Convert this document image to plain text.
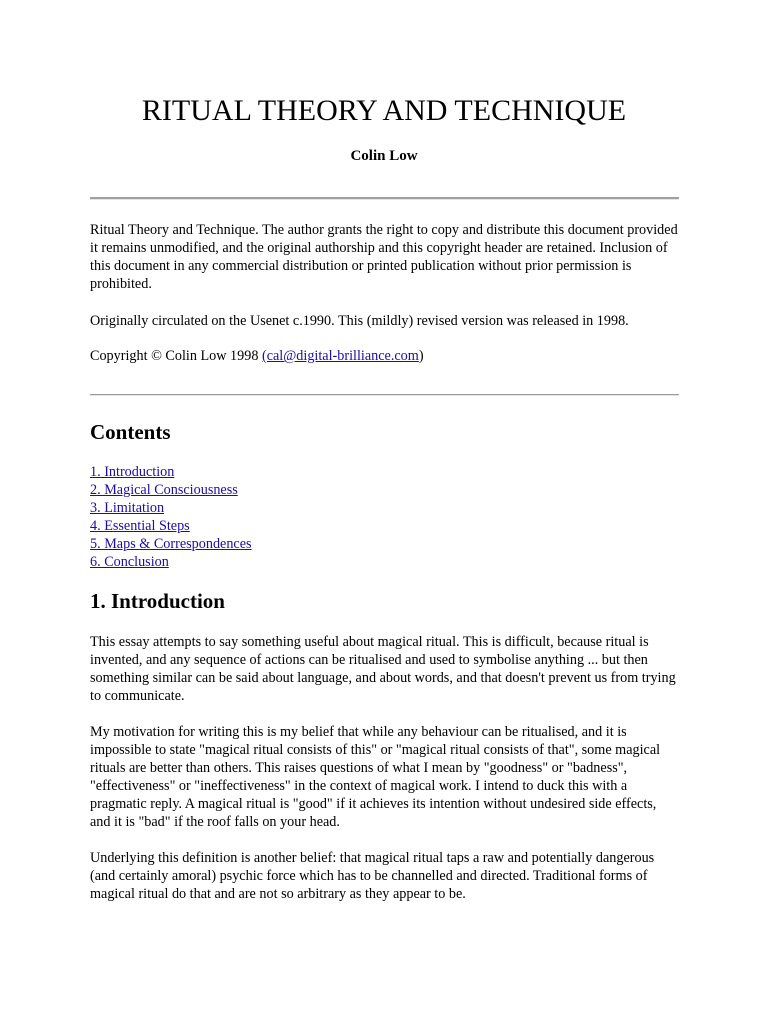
RITUAL THEORY AND TECHNIQUE
Colin Low

Ritual Theory and Technique. The author grants the right to copy and distribute this document provided it remains unmodified, and the original authorship and this copyright header are retained. Inclusion of this document in any commercial distribution or printed publication without prior permission is prohibited.

Originally circulated on the Usenet c.1990. This (mildly) revised version was released in 1998.

Copyright © Colin Low 1998 (cal@digital-brilliance.com)

Contents
1. Introduction
2. Magical Consciousness
3. Limitation
4. Essential Steps
5. Maps & Correspondences
6. Conclusion
1. Introduction

This essay attempts to say something useful about magical ritual. This is difficult, because ritual is invented, and any sequence of actions can be ritualised and used to symbolise anything ... but then something similar can be said about language, and about words, and that doesn't prevent us from trying to communicate.

My motivation for writing this is my belief that while any behaviour can be ritualised, and it is impossible to state "magical ritual consists of this" or "magical ritual consists of that", some magical rituals are better than others. This raises questions of what I mean by "goodness" or "badness", "effectiveness" or "ineffectiveness" in the context of magical work. I intend to duck this with a pragmatic reply. A magical ritual is "good" if it achieves its intention without undesired side effects, and it is "bad" if the roof falls on your head.

Underlying this definition is another belief: that magical ritual taps a raw and potentially dangerous (and certainly amoral) psychic force which has to be channelled and directed. Traditional forms of magical ritual do that and are not so arbitrary as they appear to be.
